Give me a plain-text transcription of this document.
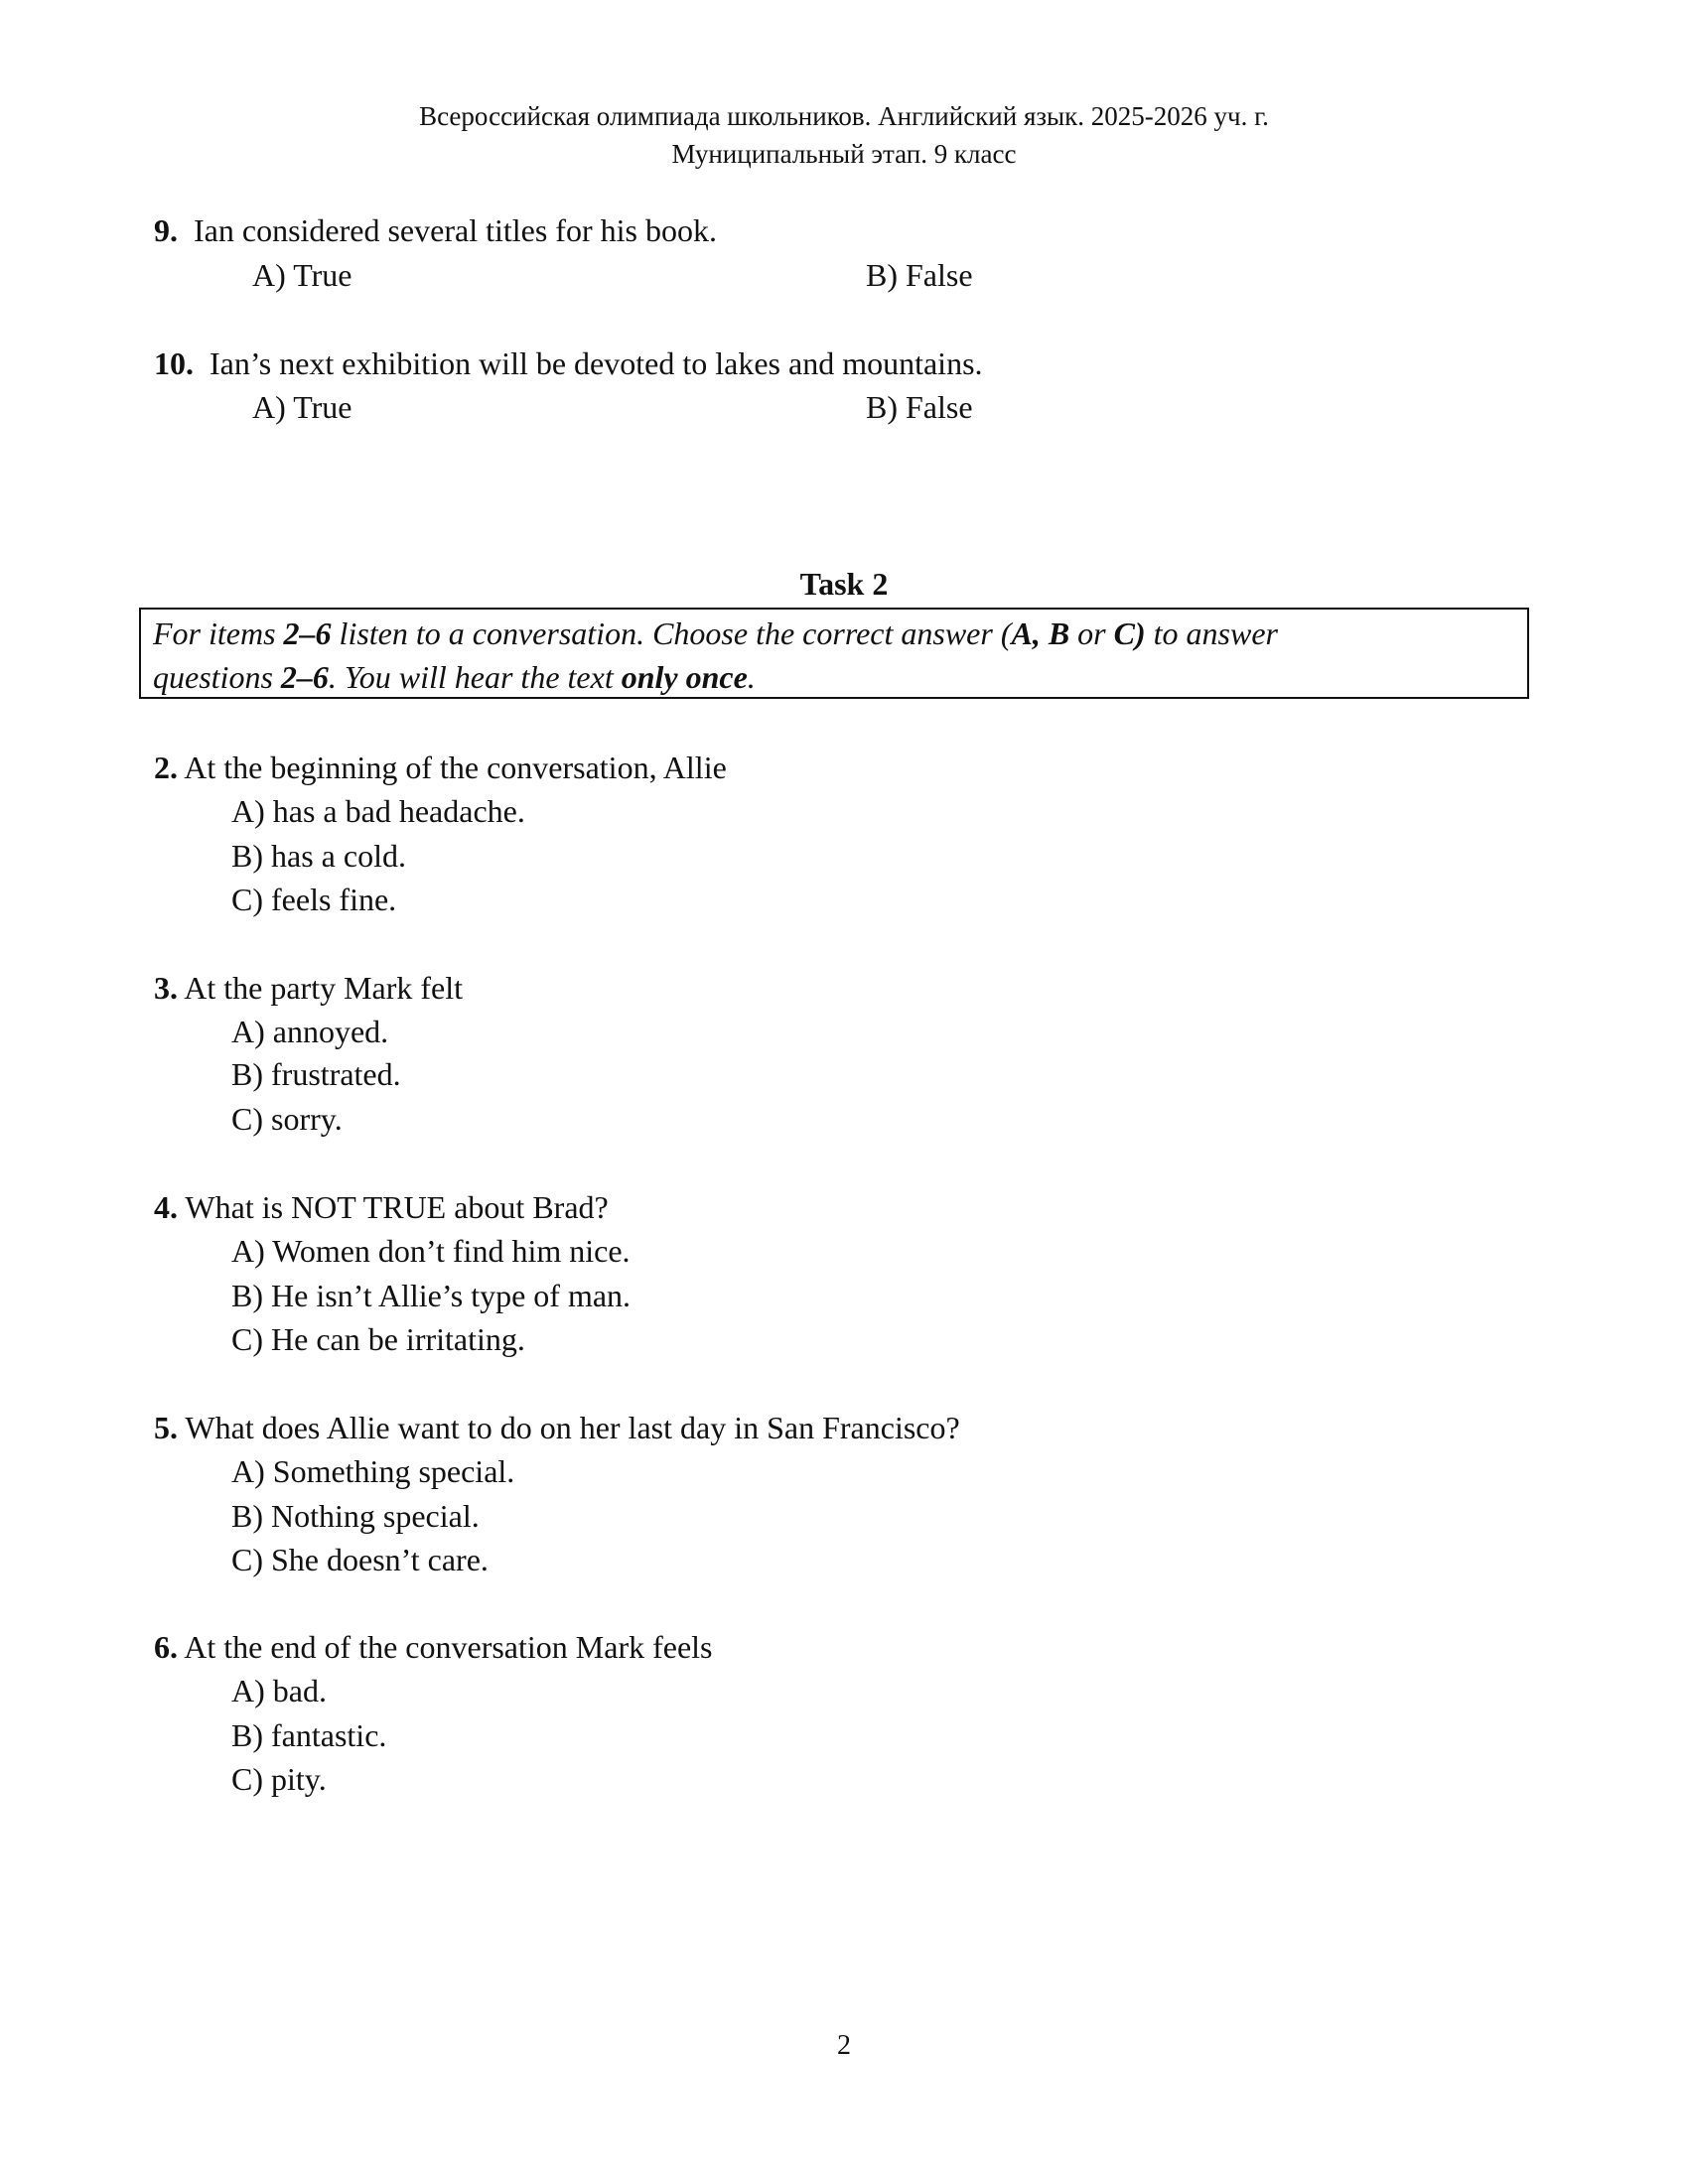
Всероссийская олимпиада школьников. Английский язык. 2025-2026 уч. г.
Муниципальный этап. 9 класс
9. Ian considered several titles for his book.
A) True	B) False
10. Ian’s next exhibition will be devoted to lakes and mountains.
A) True	B) False
Task 2
For items 2–6 listen to a conversation. Choose the correct answer (A, B or C) to answer
questions 2–6. You will hear the text only once.
2. At the beginning of the conversation, Allie
A) has a bad headache.
B) has a cold.
C) feels fine.
3. At the party Mark felt
A) annoyed.
B) frustrated.
C) sorry.
4. What is NOT TRUE about Brad?
A) Women don’t find him nice.
B) He isn’t Allie’s type of man.
C) He can be irritating.
5. What does Allie want to do on her last day in San Francisco?
A) Something special.
B) Nothing special.
C) She doesn’t care.
6. At the end of the conversation Mark feels
A) bad.
B) fantastic.
C) pity.
2
